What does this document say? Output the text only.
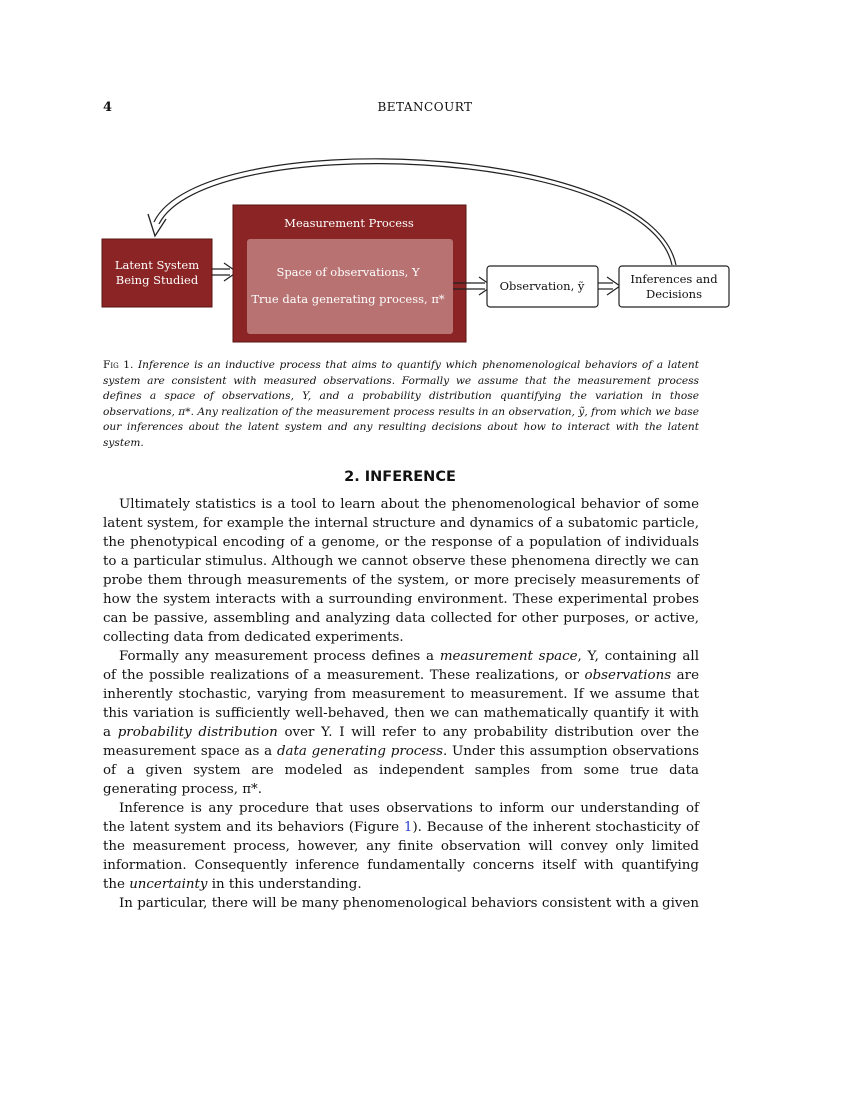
4	BETANCOURT
Latent System
Being Studied
Measurement Process
Space of observations, Y
True data generating process, π*
Observation, ỹ	Inferences and
Decisions
Fig 1. Inference is an inductive process that aims to quantify which phenomenological behaviors of a latent system are consistent with measured observations. Formally we assume that the measurement process defines a space of observations, Y, and a probability distribution quantifying the variation in those observations, π*. Any realization of the measurement process results in an observation, ỹ, from which we base our inferences about the latent system and any resulting decisions about how to interact with the latent system.
2. INFERENCE

Ultimately statistics is a tool to learn about the phenomenological behavior of some latent system, for example the internal structure and dynamics of a subatomic particle, the phenotypical encoding of a genome, or the response of a population of individuals to a particular stimulus. Although we cannot observe these phenomena directly we can probe them through measurements of the system, or more precisely measurements of how the system interacts with a surrounding environment. These experimental probes can be passive, assembling and analyzing data collected for other purposes, or active, collecting data from dedicated experiments.

Formally any measurement process defines a measurement space, Y, containing all of the possible realizations of a measurement. These realizations, or observations are inherently stochastic, varying from measurement to measurement. If we assume that this variation is sufficiently well-behaved, then we can mathematically quantify it with a probability distribution over Y. I will refer to any probability distribution over the measurement space as a data generating process. Under this assumption observations of a given system are modeled as independent samples from some true data generating process, π*.

Inference is any procedure that uses observations to inform our understanding of the latent system and its behaviors (Figure 1). Because of the inherent stochasticity of the measurement process, however, any finite observation will convey only limited information. Consequently inference fundamentally concerns itself with quantifying the uncertainty in this understanding.

In particular, there will be many phenomenological behaviors consistent with a given
